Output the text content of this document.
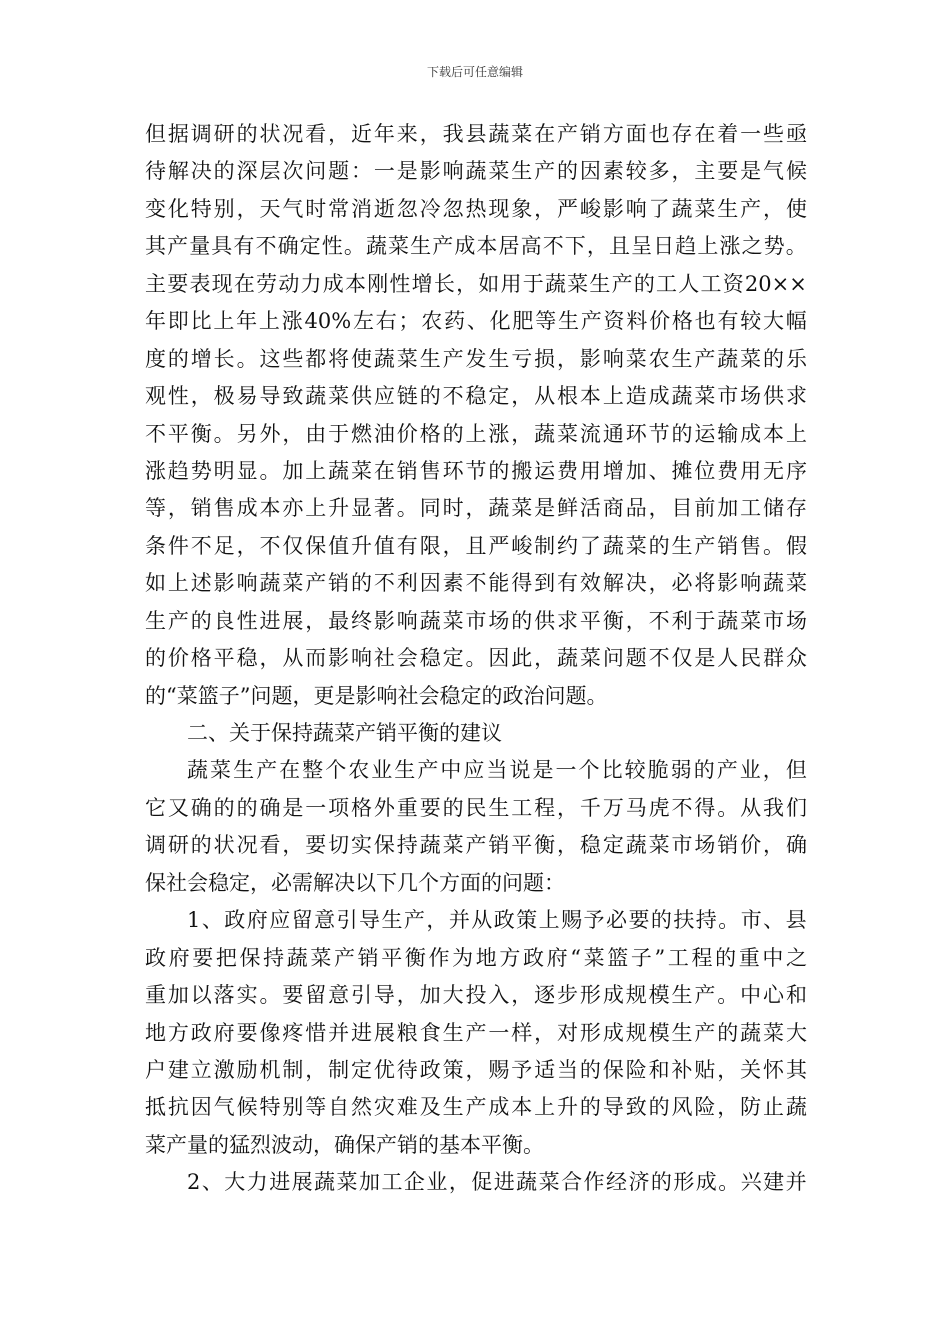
下载后可任意编辑
但 据 调 研 的 状 况 看 ， 近 年 来 ， 我 县 蔬 菜 在 产 销 方 面 也 存 在 着 一 些 亟
待 解 决 的 深 层 次 问 题 ： 一 是 影 响 蔬 菜 生 产 的 因 素 较 多 ， 主 要 是 气 候
变 化 特 别 ， 天 气 时 常 消 逝 忽 冷 忽 热 现 象 ， 严 峻 影 响 了 蔬 菜 生 产 ， 使
其 产 量 具 有 不 确 定 性 。 蔬 菜 生 产 成 本 居 高 不 下 ， 且 呈 日 趋 上 涨 之 势 。
主 要 表 现 在 劳 动 力 成 本 刚 性 增 长 ， 如 用 于 蔬 菜 生 产 的 工 人 工 资 20××
年 即 比 上 年 上 涨 40% 左 右 ； 农 药 、 化 肥 等 生 产 资 料 价 格 也 有 较 大 幅
度 的 增 长 。 这 些 都 将 使 蔬 菜 生 产 发 生 亏 损 ， 影 响 菜 农 生 产 蔬 菜 的 乐
观 性 ， 极 易 导 致 蔬 菜 供 应 链 的 不 稳 定 ， 从 根 本 上 造 成 蔬 菜 市 场 供 求
不 平 衡 。 另 外 ， 由 于 燃 油 价 格 的 上 涨 ， 蔬 菜 流 通 环 节 的 运 输 成 本 上
涨 趋 势 明 显 。 加 上 蔬 菜 在 销 售 环 节 的 搬 运 费 用 增 加 、 摊 位 费 用 无 序
等 ， 销 售 成 本 亦 上 升 显 著 。 同 时 ， 蔬 菜 是 鲜 活 商 品 ， 目 前 加 工 储 存
条 件 不 足 ， 不 仅 保 值 升 值 有 限 ， 且 严 峻 制 约 了 蔬 菜 的 生 产 销 售 。 假
如 上 述 影 响 蔬 菜 产 销 的 不 利 因 素 不 能 得 到 有 效 解 决 ， 必 将 影 响 蔬 菜
生 产 的 良 性 进 展 ， 最 终 影 响 蔬 菜 市 场 的 供 求 平 衡 ， 不 利 于 蔬 菜 市 场
的 价 格 平 稳 ， 从 而 影 响 社 会 稳 定 。 因 此 ， 蔬 菜 问 题 不 仅 是 人 民 群 众
的“菜篮子”问题，更是影响社会稳定的政治问题。
二、关于保持蔬菜产销平衡的建议
蔬 菜 生 产 在 整 个 农 业 生 产 中 应 当 说 是 一 个 比 较 脆 弱 的 产 业 ， 但
它 又 确 的 的 确 是 一 项 格 外 重 要 的 民 生 工 程 ， 千 万 马 虎 不 得 。 从 我 们
调 研 的 状 况 看 ， 要 切 实 保 持 蔬 菜 产 销 平 衡 ， 稳 定 蔬 菜 市 场 销 价 ， 确
保社会稳定，必需解决以下几个方面的问题：
1 、 政 府 应 留 意 引 导 生 产 ， 并 从 政 策 上 赐 予 必 要 的 扶 持 。 市 、 县
政 府 要 把 保 持 蔬 菜 产 销 平 衡 作 为 地 方 政 府 “ 菜 篮 子 ” 工 程 的 重 中 之
重 加 以 落 实 。 要 留 意 引 导 ， 加 大 投 入 ， 逐 步 形 成 规 模 生 产 。 中 心 和
地 方 政 府 要 像 疼 惜 并 进 展 粮 食 生 产 一 样 ， 对 形 成 规 模 生 产 的 蔬 菜 大
户 建 立 激 励 机 制 ， 制 定 优 待 政 策 ， 赐 予 适 当 的 保 险 和 补 贴 ， 关 怀 其
抵 抗 因 气 候 特 别 等 自 然 灾 难 及 生 产 成 本 上 升 的 导 致 的 风 险 ， 防 止 蔬
菜产量的猛烈波动，确保产销的基本平衡。
2 、 大 力 进 展 蔬 菜 加 工 企 业 ， 促 进 蔬 菜 合 作 经 济 的 形 成 。 兴 建 并
